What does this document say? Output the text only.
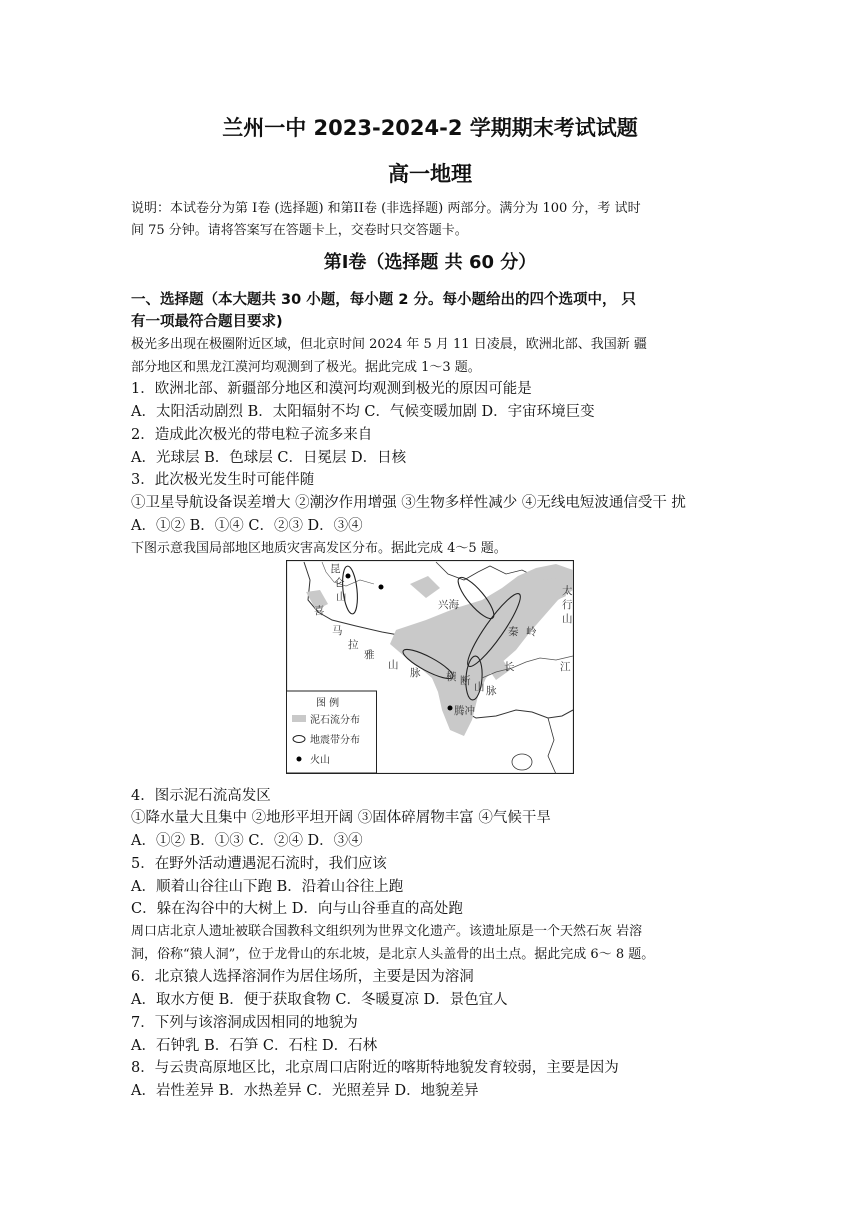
兰州一中 2023-2024-2 学期期末考试试题
高一地理
说明：本试卷分为第 I卷 (选择题) 和第II卷 (非选择题) 两部分。满分为 100 分，考 试时
间 75 分钟。请将答案写在答题卡上，交卷时只交答题卡。
第Ⅰ卷（选择题 共 60 分）
一、选择题（本大题共 30 小题，每小题 2 分。每小题给出的四个选项中， 只
有一项最符合题目要求)
极光多出现在极圈附近区域，但北京时间 2024 年 5 月 11 日凌晨，欧洲北部、我国新 疆
部分地区和黑龙江漠河均观测到了极光。据此完成 1～3 题。
1．欧洲北部、新疆部分地区和漠河均观测到极光的原因可能是
A．太阳活动剧烈 B．太阳辐射不均 C．气候变暖加剧 D．宇宙环境巨变
2．造成此次极光的带电粒子流多来自
A．光球层 B．色球层 C．日冕层 D．日核
3．此次极光发生时可能伴随
①卫星导航设备误差增大 ②潮汐作用增强 ③生物多样性减少 ④无线电短波通信受干 扰
A．①② B．①④ C．②③ D．③④
下图示意我国局部地区地质灾害高发区分布。据此完成 4～5 题。
昆
仑
山
喜
马
拉
雅
山
脉
兴海
秦 岭
太
行
山
横 断 山 脉
长	江
腾冲
图 例
泥石流分布
地震带分布
火山
4．图示泥石流高发区
①降水量大且集中 ②地形平坦开阔 ③固体碎屑物丰富 ④气候干旱
A．①② B．①③ C．②④ D．③④
5．在野外活动遭遇泥石流时，我们应该
A．顺着山谷往山下跑 B．沿着山谷往上跑
C．躲在沟谷中的大树上 D．向与山谷垂直的高处跑
周口店北京人遗址被联合国教科文组织列为世界文化遗产。该遗址原是一个天然石灰 岩溶
洞，俗称“猿人洞”，位于龙骨山的东北坡，是北京人头盖骨的出土点。据此完成 6～ 8 题。
6．北京猿人选择溶洞作为居住场所，主要是因为溶洞
A．取水方便 B．便于获取食物 C．冬暖夏凉 D．景色宜人
7．下列与该溶洞成因相同的地貌为
A．石钟乳 B．石笋 C．石柱 D．石林
8．与云贵高原地区比，北京周口店附近的喀斯特地貌发育较弱，主要是因为
A．岩性差异 B．水热差异 C．光照差异 D．地貌差异
